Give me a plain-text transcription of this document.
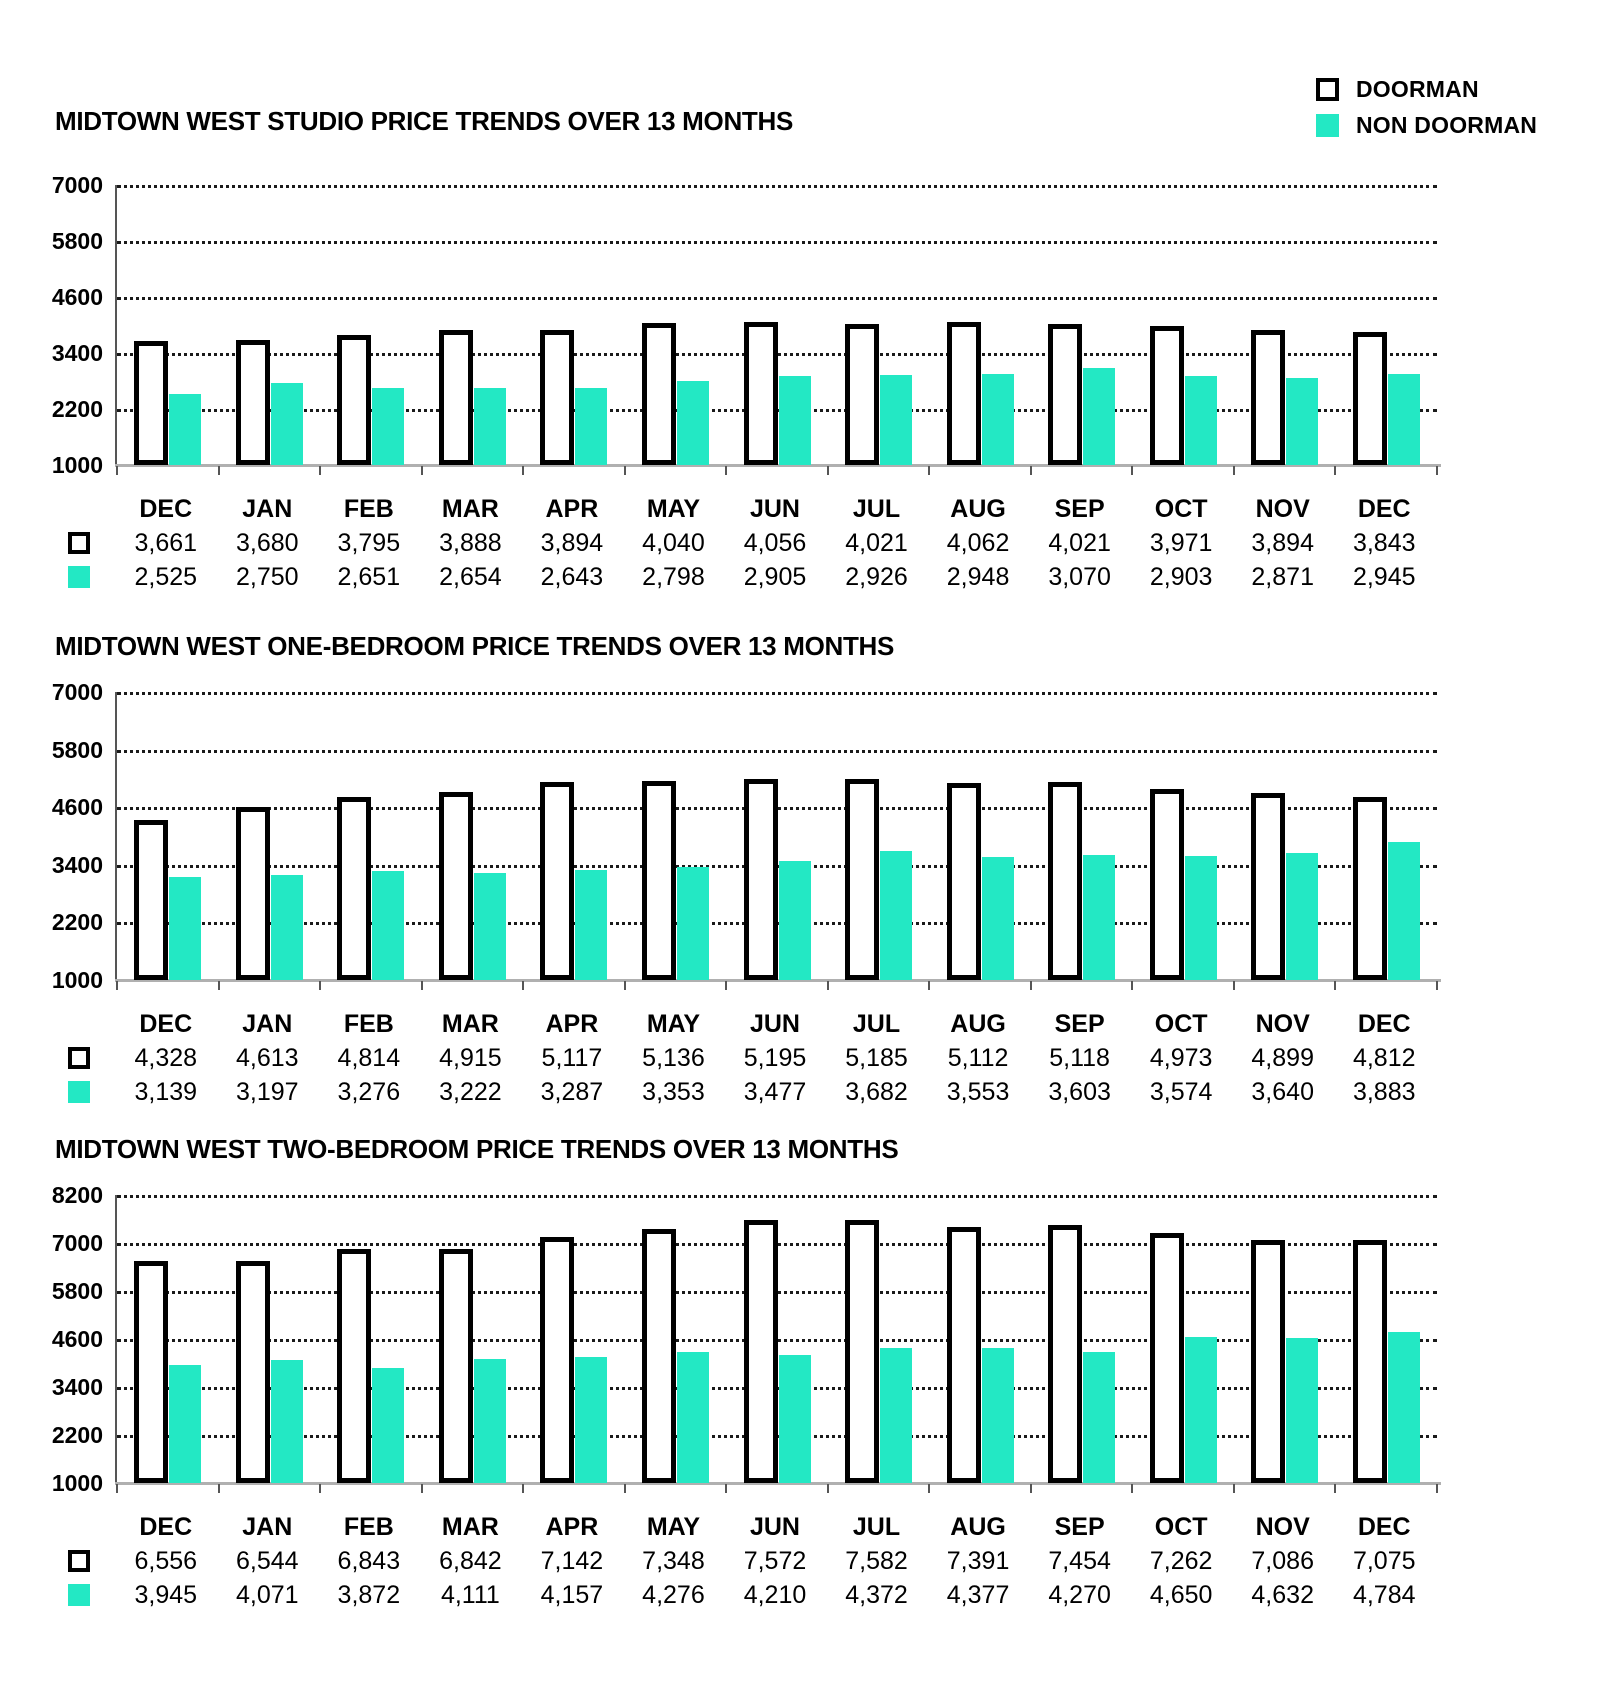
DOORMAN
NON DOORMAN
MIDTOWN WEST STUDIO PRICE TRENDS OVER 13 MONTHS
DEC	JAN	FEB	MAR	APR	MAY	JUN	JUL	AUG	SEP	OCT	NOV	DEC
3,661	3,680	3,795	3,888	3,894	4,040	4,056	4,021	4,062	4,021	3,971	3,894	3,843
2,525	2,750	2,651	2,654	2,643	2,798	2,905	2,926	2,948	3,070	2,903	2,871	2,945
7000
5800
4600
3400
2200
1000
MIDTOWN WEST ONE-BEDROOM PRICE TRENDS OVER 13 MONTHS
DEC	JAN	FEB	MAR	APR	MAY	JUN	JUL	AUG	SEP	OCT	NOV	DEC
4,328	4,613	4,814	4,915	5,117	5,136	5,195	5,185	5,112	5,118	4,973	4,899	4,812
3,139	3,197	3,276	3,222	3,287	3,353	3,477	3,682	3,553	3,603	3,574	3,640	3,883
7000
5800
4600
3400
2200
1000
MIDTOWN WEST TWO-BEDROOM PRICE TRENDS OVER 13 MONTHS
DEC	JAN	FEB	MAR	APR	MAY	JUN	JUL	AUG	SEP	OCT	NOV	DEC
6,556	6,544	6,843	6,842	7,142	7,348	7,572	7,582	7,391	7,454	7,262	7,086	7,075
3,945	4,071	3,872	4,111	4,157	4,276	4,210	4,372	4,377	4,270	4,650	4,632	4,784
8200
7000
5800
4600
3400
2200
1000
